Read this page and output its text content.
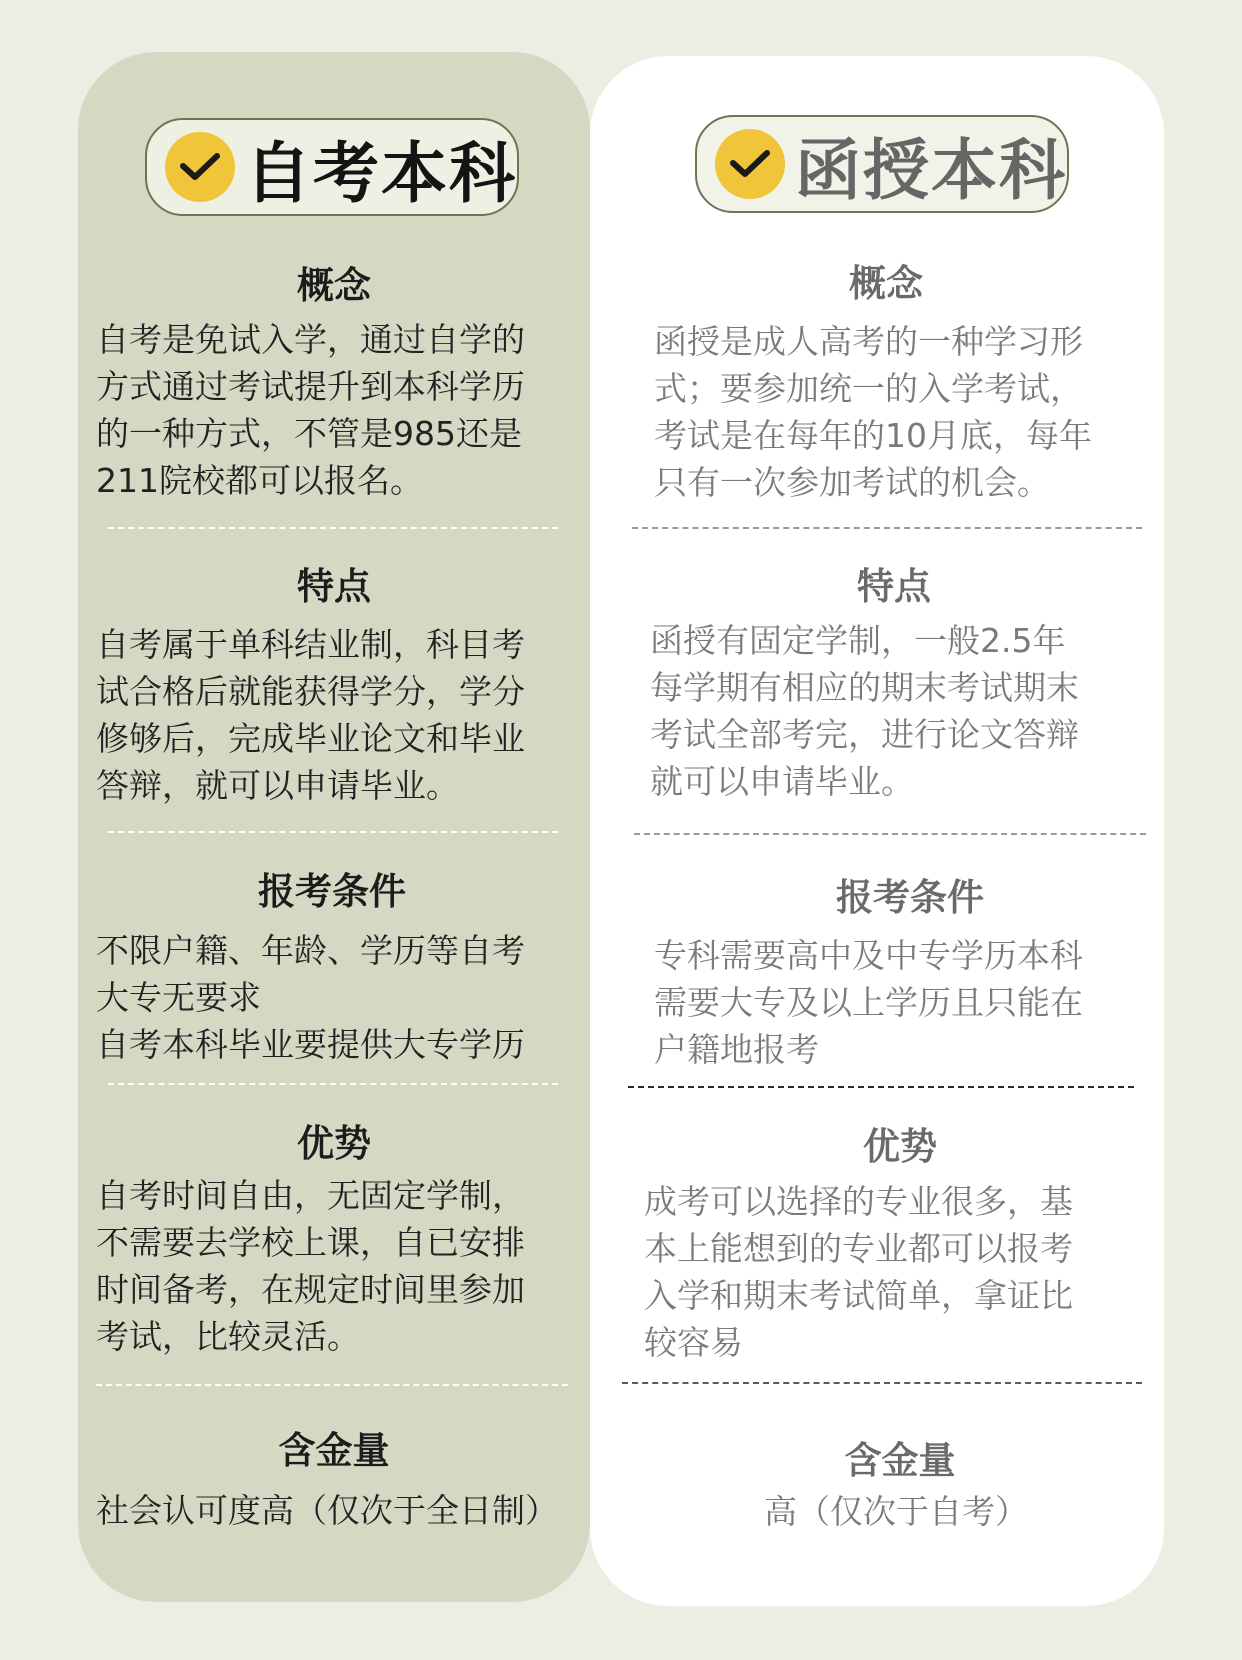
自考本科	函授本科
概念
自考是免试入学，通过自学的
方式通过考试提升到本科学历
的一种方式，不管是985还是
211院校都可以报名。
特点
自考属于单科结业制，科目考
试合格后就能获得学分，学分
修够后，完成毕业论文和毕业
答辩，就可以申请毕业。
报考条件
不限户籍、年龄、学历等自考
大专无要求
自考本科毕业要提供大专学历
优势
自考时间自由，无固定学制，
不需要去学校上课，自已安排
时间备考，在规定时间里参加
考试，比较灵活。
含金量
社会认可度高（仅次于全日制）
概念
函授是成人高考的一种学习形
式；要参加统一的入学考试，
考试是在每年的10月底，每年
只有一次参加考试的机会。
特点
函授有固定学制，一般2.5年
每学期有相应的期末考试期末
考试全部考完，进行论文答辩
就可以申请毕业。
报考条件
专科需要高中及中专学历本科
需要大专及以上学历且只能在
户籍地报考
优势
成考可以选择的专业很多，基
本上能想到的专业都可以报考
入学和期末考试简单，拿证比
较容易
含金量
高（仅次于自考）
